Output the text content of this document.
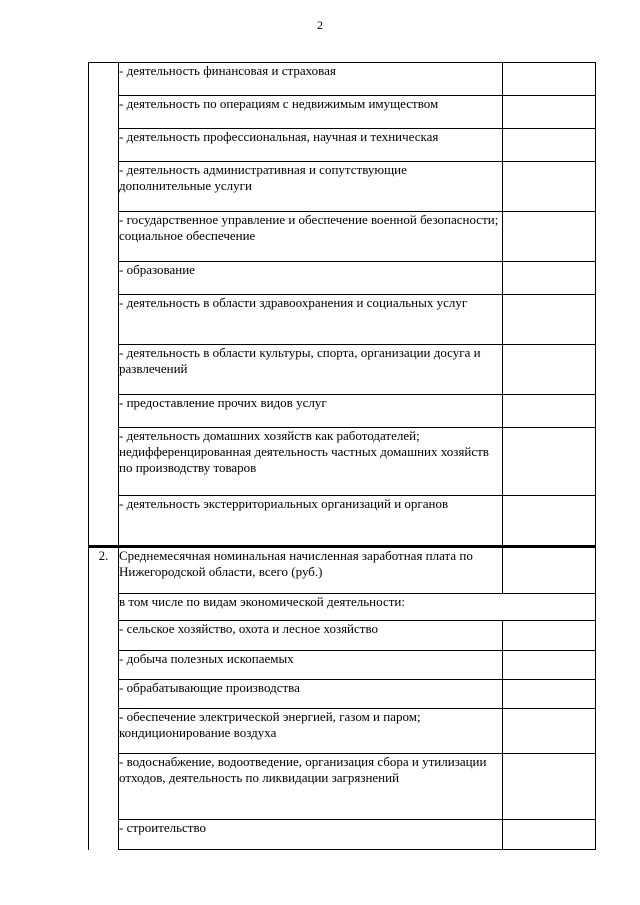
2
	- деятельность финансовая и страховая	
	- деятельность по операциям с недвижимым имуществом	
	- деятельность профессиональная, научная и техническая	
	- деятельность административная и сопутствующие дополнительные услуги	
	- государственное управление и обеспечение военной безопасности; социальное обеспечение	
	- образование	
	- деятельность в области здравоохранения и социальных услуг	
	- деятельность в области культуры, спорта, организации досуга и развлечений	
	- предоставление прочих видов услуг	
	- деятельность домашних хозяйств как работодателей; недифференцированная деятельность частных домашних хозяйств по производству товаров	
	- деятельность экстерриториальных организаций и органов	
2.	Среднемесячная номинальная начисленная заработная плата по Нижегородской области, всего (руб.)	
	в том числе по видам экономической деятельности:	
	- сельское хозяйство, охота и лесное хозяйство	
	- добыча полезных ископаемых	
	- обрабатывающие производства	
	- обеспечение электрической энергией, газом и паром; кондиционирование воздуха	
	- водоснабжение, водоотведение, организация сбора и утилизации отходов, деятельность по ликвидации загрязнений	
	- строительство	
